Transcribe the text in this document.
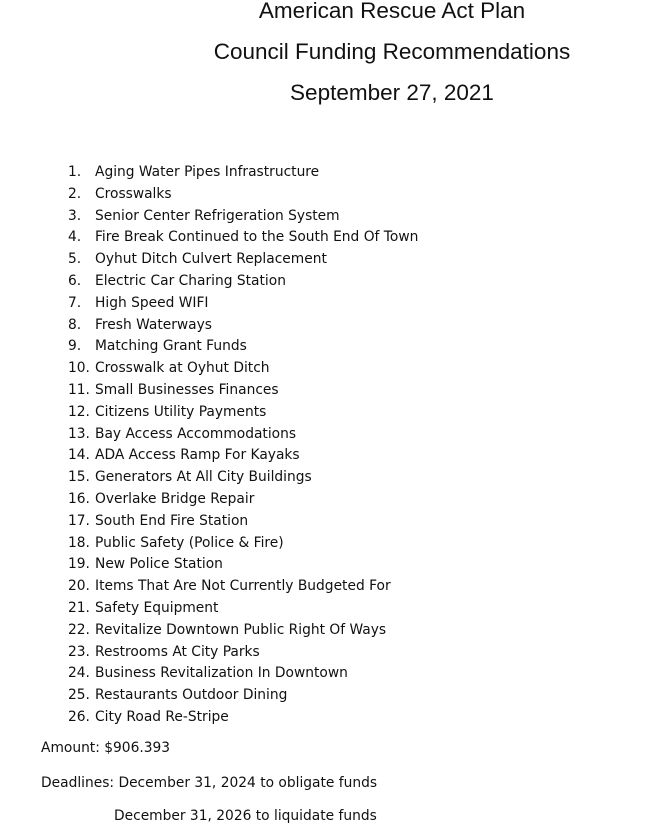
American Rescue Act Plan
Council Funding Recommendations
September 27, 2021
1. Aging Water Pipes Infrastructure
2. Crosswalks
3. Senior Center Refrigeration System
4. Fire Break Continued to the South End Of Town
5. Oyhut Ditch Culvert Replacement
6. Electric Car Charing Station
7. High Speed WIFI
8. Fresh Waterways
9. Matching Grant Funds
10. Crosswalk at Oyhut Ditch
11. Small Businesses Finances
12. Citizens Utility Payments
13. Bay Access Accommodations
14. ADA Access Ramp For Kayaks
15. Generators At All City Buildings
16. Overlake Bridge Repair
17. South End Fire Station
18. Public Safety (Police & Fire)
19. New Police Station
20. Items That Are Not Currently Budgeted For
21. Safety Equipment
22. Revitalize Downtown Public Right Of Ways
23. Restrooms At City Parks
24. Business Revitalization In Downtown
25. Restaurants Outdoor Dining
26. City Road Re-Stripe
Amount: $906.393
Deadlines: December 31, 2024 to obligate funds
December 31, 2026 to liquidate funds
